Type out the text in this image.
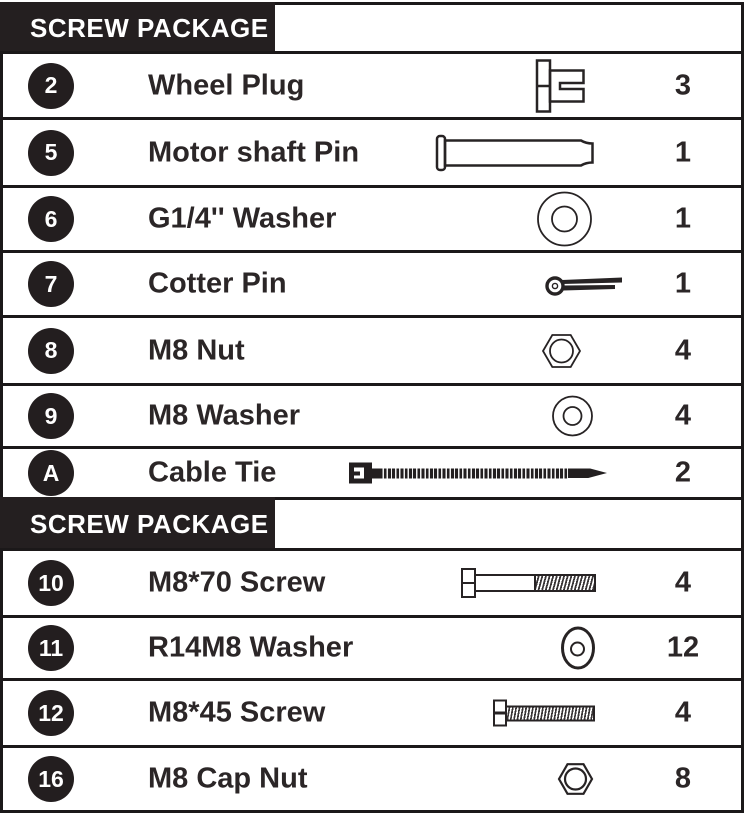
SCREW PACKAGE A
2	Wheel Plug	3
5	Motor shaft Pin	1
6	G1/4'' Washer	1
7	Cotter Pin	1
8	M8 Nut	4
9	M8 Washer	4
A	Cable Tie	2
SCREW PACKAGE B
10	M8*70 Screw	4
11	R14M8 Washer	12
12	M8*45 Screw	4
16	M8 Cap Nut	8
